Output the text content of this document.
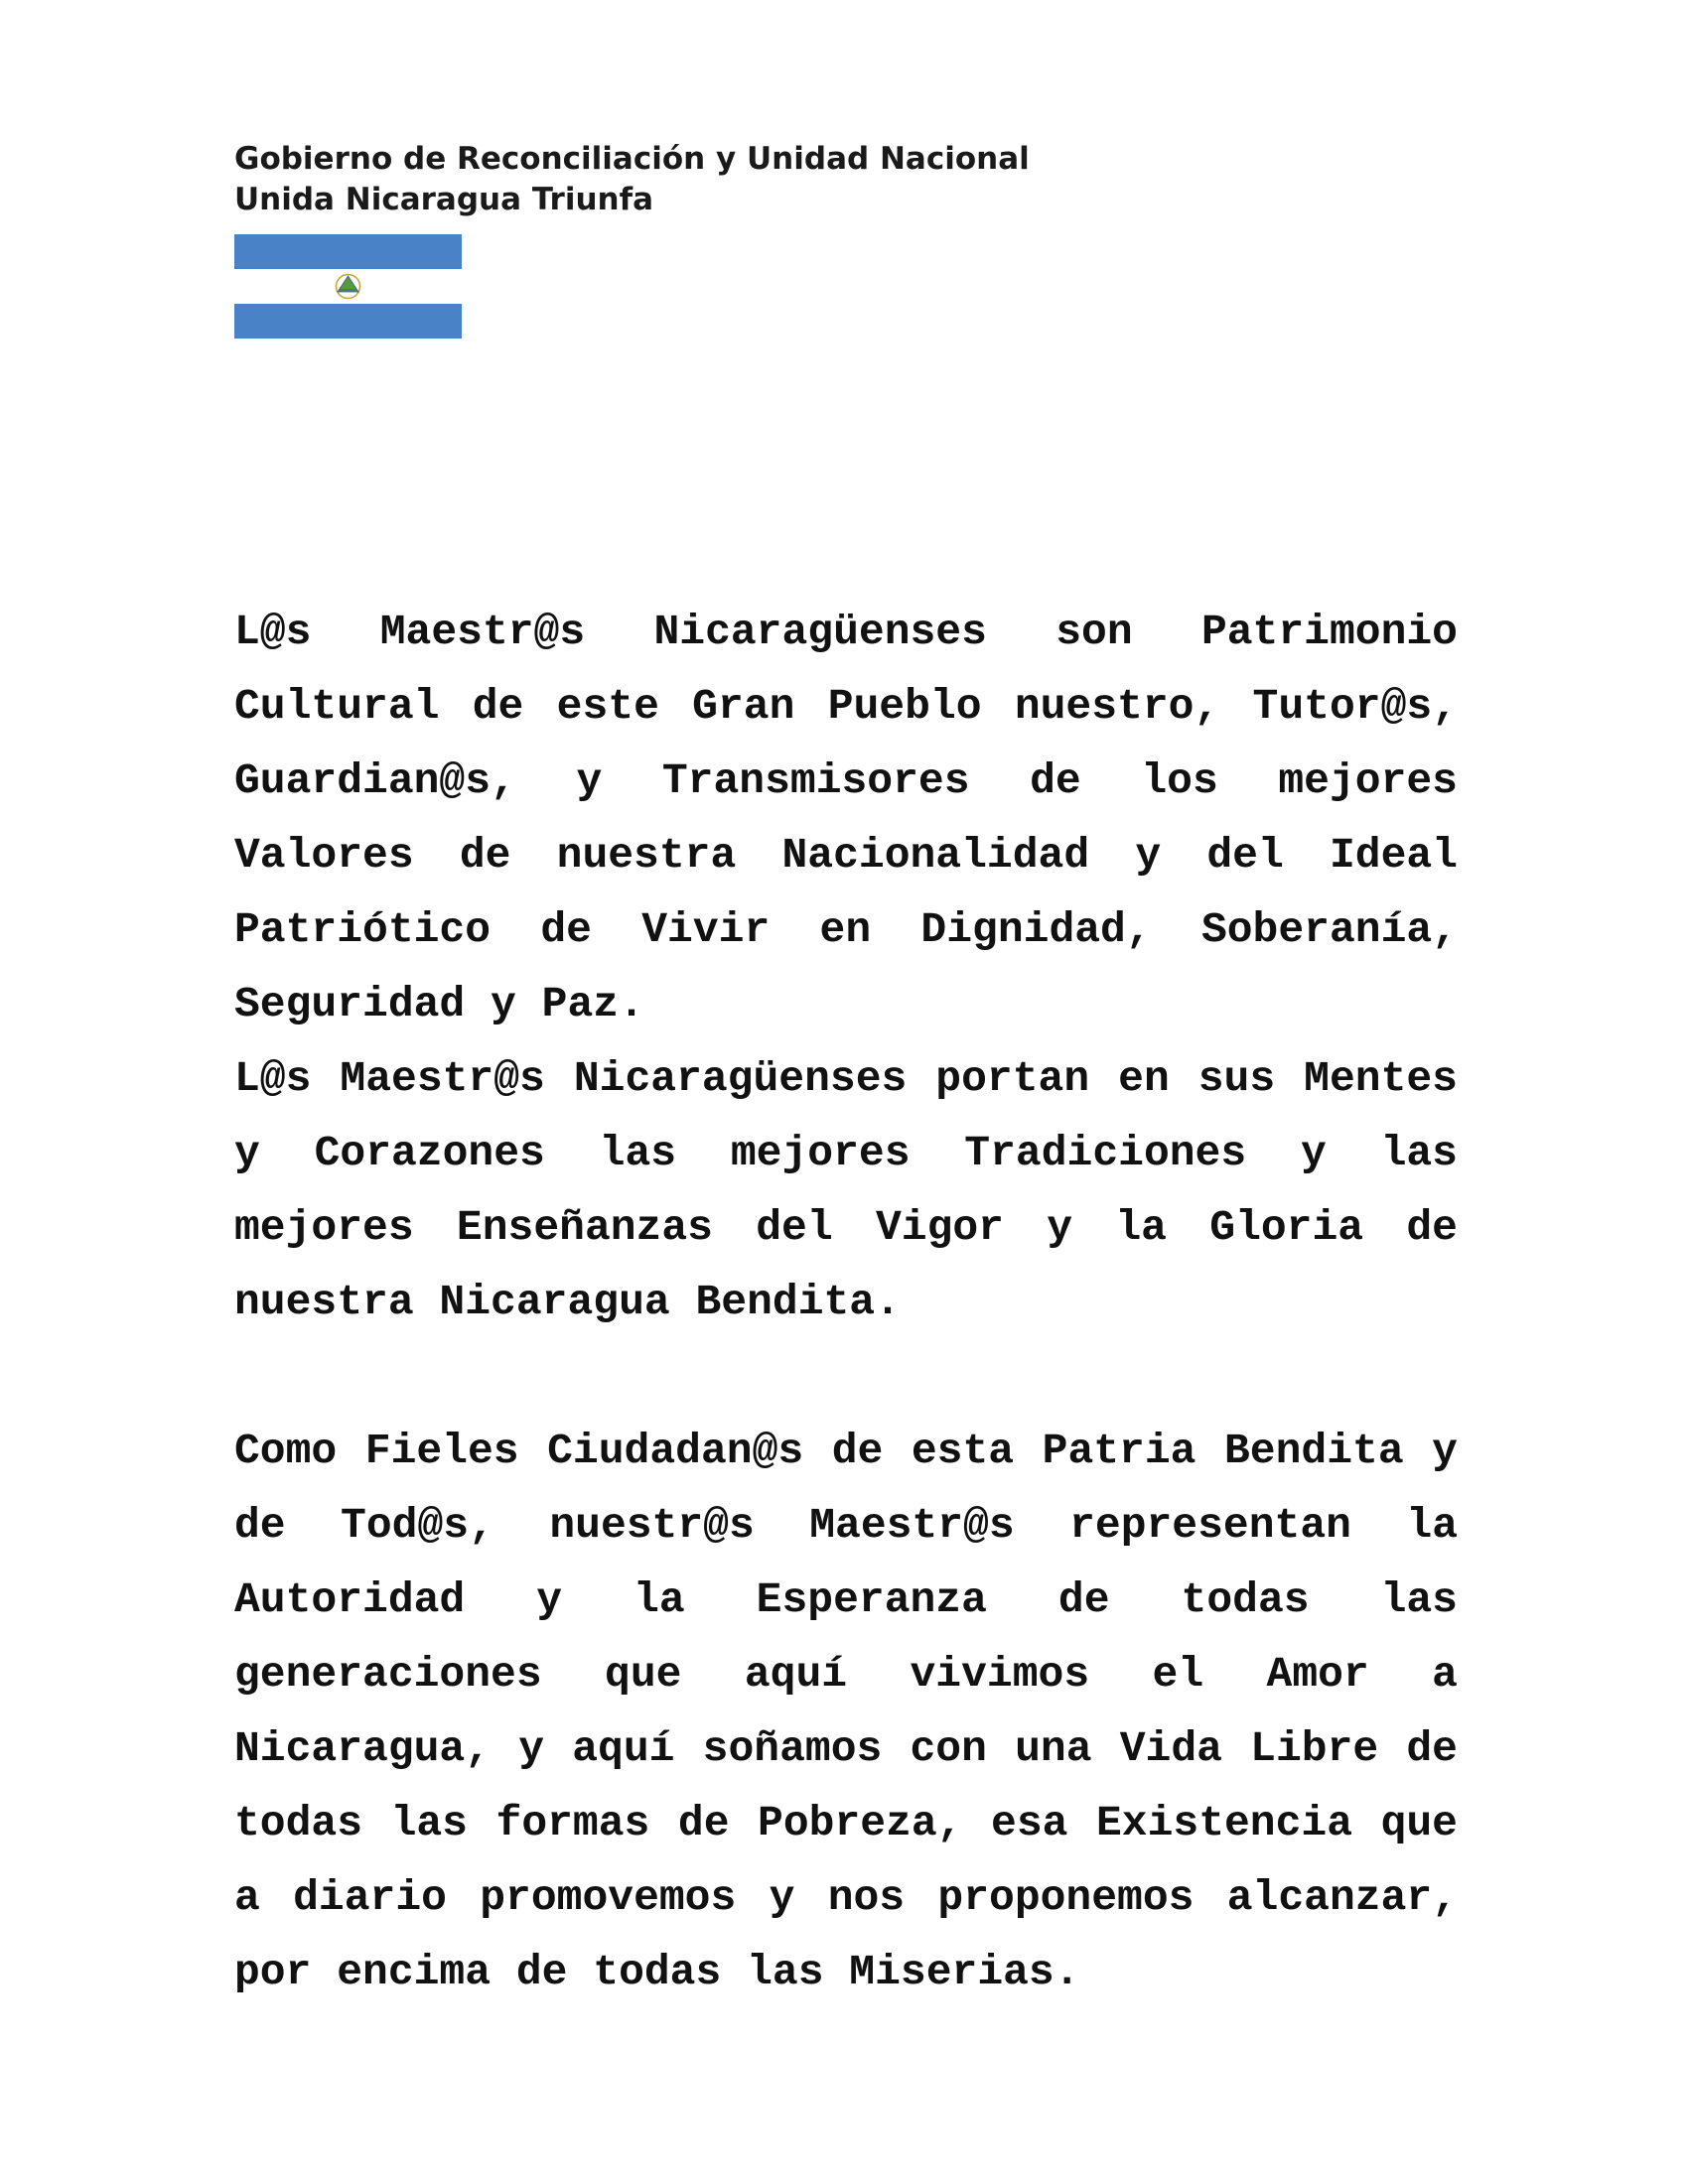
Gobierno de Reconciliación y Unidad Nacional
Unida Nicaragua Triunfa
L@s Maestr@s Nicaragüenses son Patrimonio Cultural de este Gran Pueblo nuestro, Tutor@s, Guardian@s, y Transmisores de los mejores Valores de nuestra Nacionalidad y del Ideal Patriótico de Vivir en Dignidad, Soberanía, Seguridad y Paz.
L@s Maestr@s Nicaragüenses portan en sus Mentes y Corazones las mejores Tradiciones y las mejores Enseñanzas del Vigor y la Gloria de nuestra Nicaragua Bendita.
Como Fieles Ciudadan@s de esta Patria Bendita y de Tod@s, nuestr@s Maestr@s representan la Autoridad y la Esperanza de todas las generaciones que aquí vivimos el Amor a Nicaragua, y aquí soñamos con una Vida Libre de todas las formas de Pobreza, esa Existencia que a diario promovemos y nos proponemos alcanzar, por encima de todas las Miserias.
